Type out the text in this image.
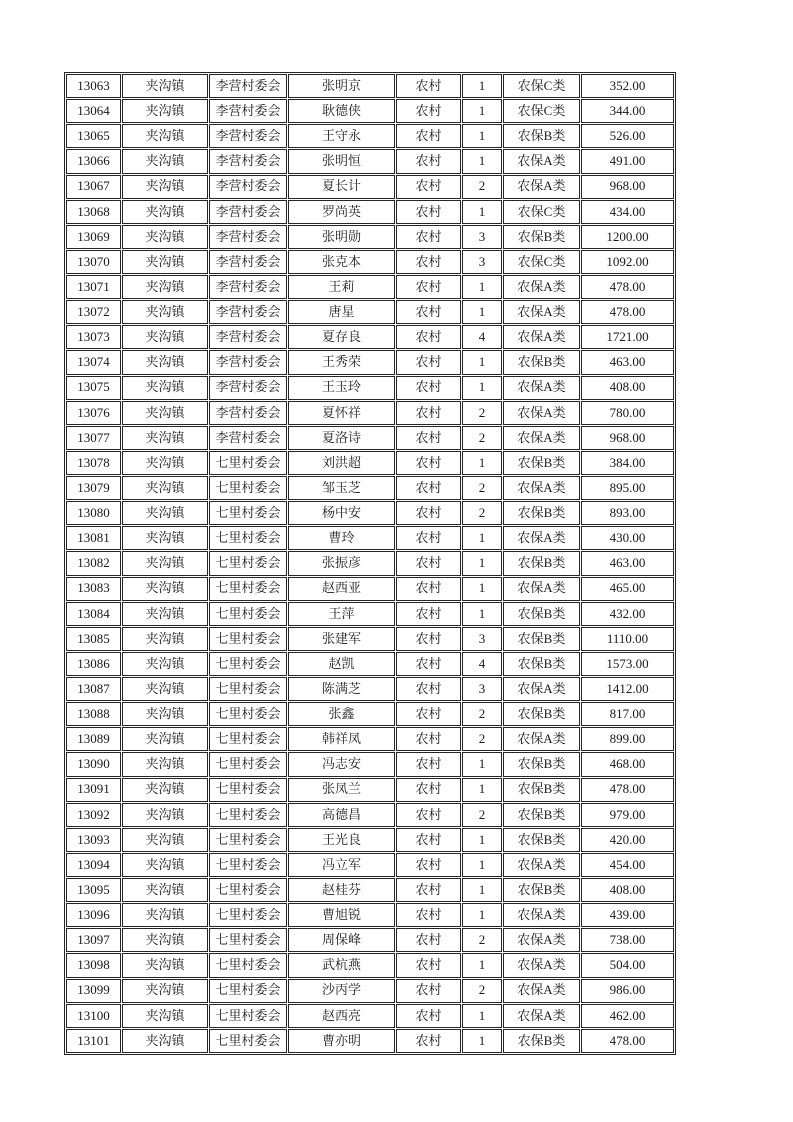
13063	夹沟镇	李营村委会	张明京	农村	1	农保C类	352.00
13064	夹沟镇	李营村委会	耿德侠	农村	1	农保C类	344.00
13065	夹沟镇	李营村委会	王守永	农村	1	农保B类	526.00
13066	夹沟镇	李营村委会	张明恒	农村	1	农保A类	491.00
13067	夹沟镇	李营村委会	夏长计	农村	2	农保A类	968.00
13068	夹沟镇	李营村委会	罗尚英	农村	1	农保C类	434.00
13069	夹沟镇	李营村委会	张明勋	农村	3	农保B类	1200.00
13070	夹沟镇	李营村委会	张克本	农村	3	农保C类	1092.00
13071	夹沟镇	李营村委会	王莉	农村	1	农保A类	478.00
13072	夹沟镇	李营村委会	唐星	农村	1	农保A类	478.00
13073	夹沟镇	李营村委会	夏存良	农村	4	农保A类	1721.00
13074	夹沟镇	李营村委会	王秀荣	农村	1	农保B类	463.00
13075	夹沟镇	李营村委会	王玉玲	农村	1	农保A类	408.00
13076	夹沟镇	李营村委会	夏怀祥	农村	2	农保A类	780.00
13077	夹沟镇	李营村委会	夏洛诗	农村	2	农保A类	968.00
13078	夹沟镇	七里村委会	刘洪超	农村	1	农保B类	384.00
13079	夹沟镇	七里村委会	邹玉芝	农村	2	农保A类	895.00
13080	夹沟镇	七里村委会	杨中安	农村	2	农保B类	893.00
13081	夹沟镇	七里村委会	曹玲	农村	1	农保A类	430.00
13082	夹沟镇	七里村委会	张振彦	农村	1	农保B类	463.00
13083	夹沟镇	七里村委会	赵西亚	农村	1	农保A类	465.00
13084	夹沟镇	七里村委会	王萍	农村	1	农保B类	432.00
13085	夹沟镇	七里村委会	张建军	农村	3	农保B类	1110.00
13086	夹沟镇	七里村委会	赵凯	农村	4	农保B类	1573.00
13087	夹沟镇	七里村委会	陈满芝	农村	3	农保A类	1412.00
13088	夹沟镇	七里村委会	张鑫	农村	2	农保B类	817.00
13089	夹沟镇	七里村委会	韩祥凤	农村	2	农保A类	899.00
13090	夹沟镇	七里村委会	冯志安	农村	1	农保B类	468.00
13091	夹沟镇	七里村委会	张凤兰	农村	1	农保B类	478.00
13092	夹沟镇	七里村委会	高德昌	农村	2	农保B类	979.00
13093	夹沟镇	七里村委会	王光良	农村	1	农保B类	420.00
13094	夹沟镇	七里村委会	冯立军	农村	1	农保A类	454.00
13095	夹沟镇	七里村委会	赵桂芬	农村	1	农保B类	408.00
13096	夹沟镇	七里村委会	曹旭锐	农村	1	农保A类	439.00
13097	夹沟镇	七里村委会	周保峰	农村	2	农保A类	738.00
13098	夹沟镇	七里村委会	武杭燕	农村	1	农保A类	504.00
13099	夹沟镇	七里村委会	沙丙学	农村	2	农保A类	986.00
13100	夹沟镇	七里村委会	赵西亮	农村	1	农保A类	462.00
13101	夹沟镇	七里村委会	曹亦明	农村	1	农保B类	478.00
